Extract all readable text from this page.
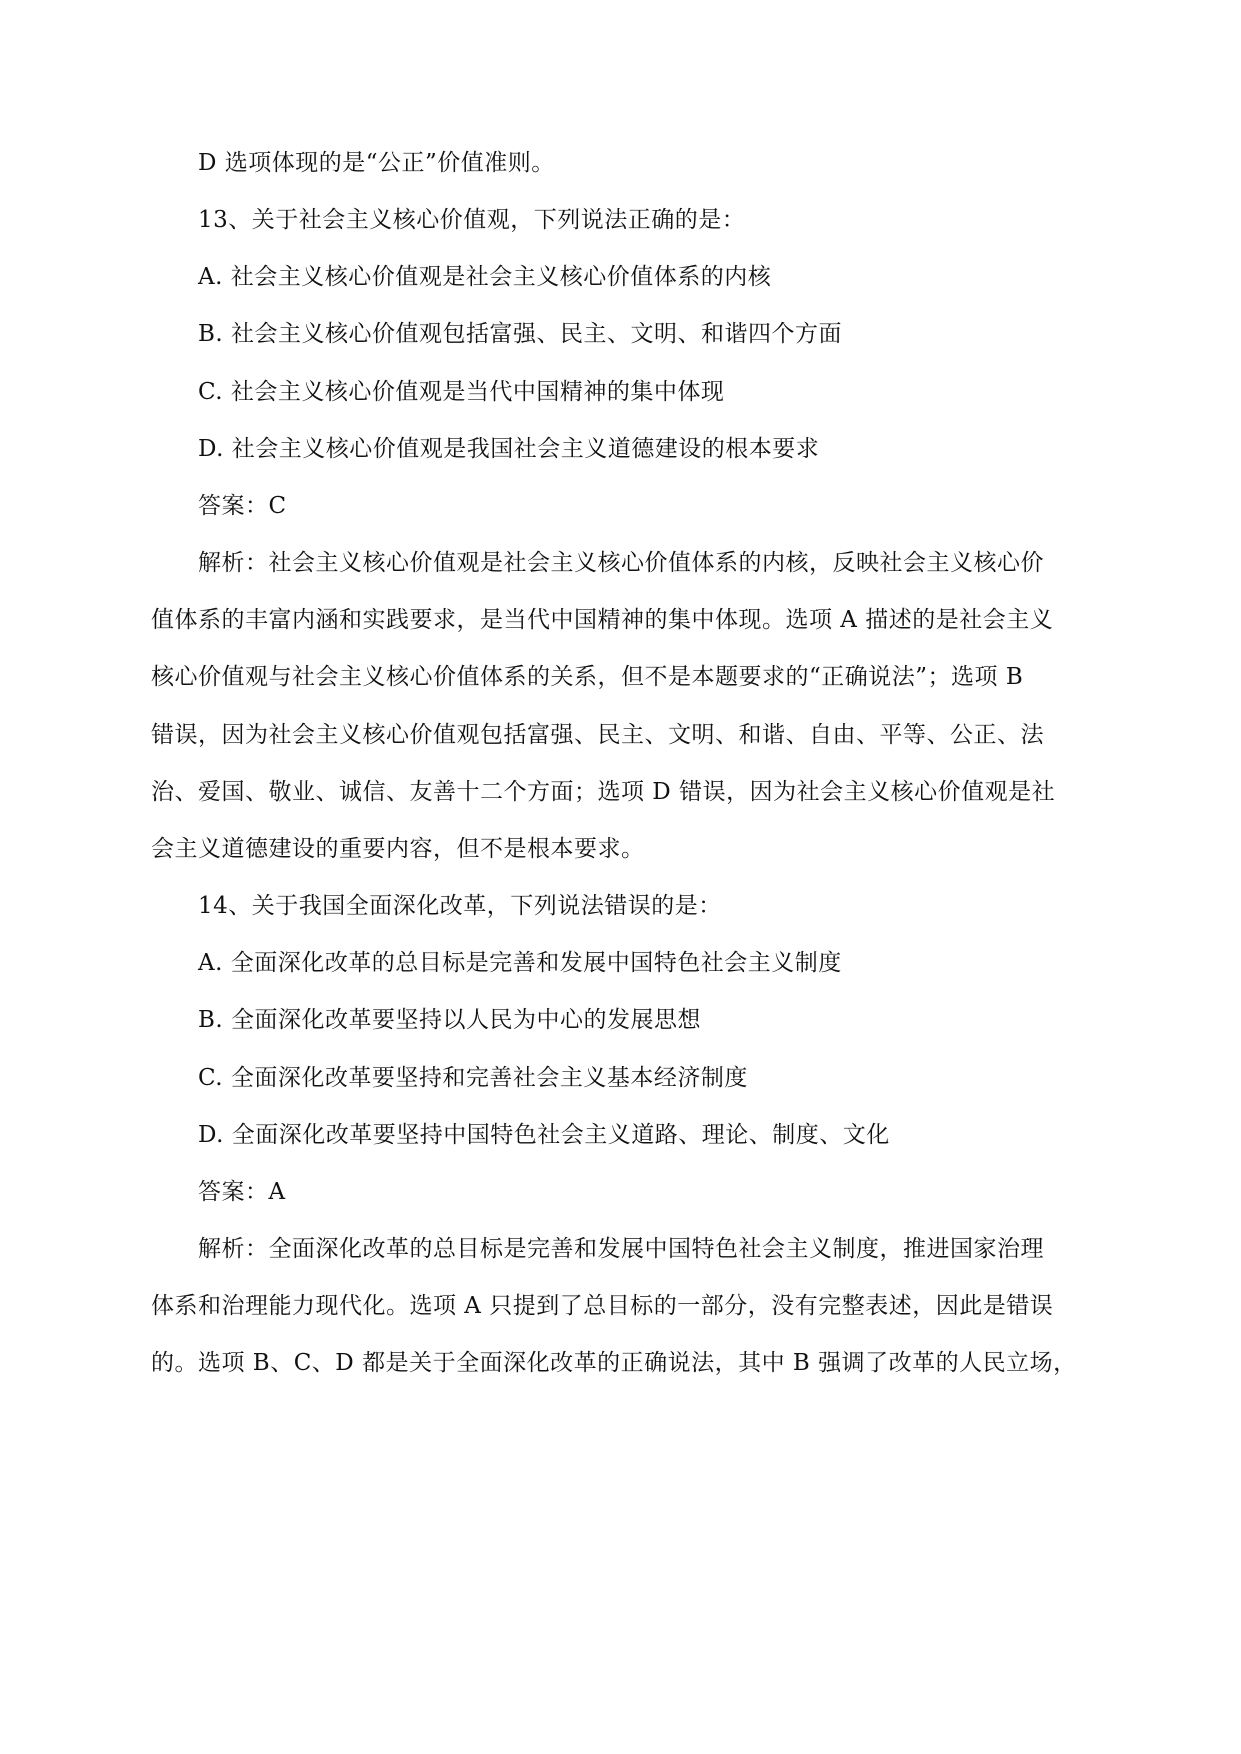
D 选项体现的是“公正”价值准则。
13、关于社会主义核心价值观，下列说法正确的是：
A. 社会主义核心价值观是社会主义核心价值体系的内核
B. 社会主义核心价值观包括富强、民主、文明、和谐四个方面
C. 社会主义核心价值观是当代中国精神的集中体现
D. 社会主义核心价值观是我国社会主义道德建设的根本要求
答案：C
解析：社会主义核心价值观是社会主义核心价值体系的内核，反映社会主义核心价
值体系的丰富内涵和实践要求，是当代中国精神的集中体现。选项 A 描述的是社会主义
核心价值观与社会主义核心价值体系的关系，但不是本题要求的“正确说法”；选项 B
错误，因为社会主义核心价值观包括富强、民主、文明、和谐、自由、平等、公正、法
治、爱国、敬业、诚信、友善十二个方面；选项 D 错误，因为社会主义核心价值观是社
会主义道德建设的重要内容，但不是根本要求。
14、关于我国全面深化改革，下列说法错误的是：
A. 全面深化改革的总目标是完善和发展中国特色社会主义制度
B. 全面深化改革要坚持以人民为中心的发展思想
C. 全面深化改革要坚持和完善社会主义基本经济制度
D. 全面深化改革要坚持中国特色社会主义道路、理论、制度、文化
答案：A
解析：全面深化改革的总目标是完善和发展中国特色社会主义制度，推进国家治理
体系和治理能力现代化。选项 A 只提到了总目标的一部分，没有完整表述，因此是错误
的。选项 B、C、D 都是关于全面深化改革的正确说法，其中 B 强调了改革的人民立场，
